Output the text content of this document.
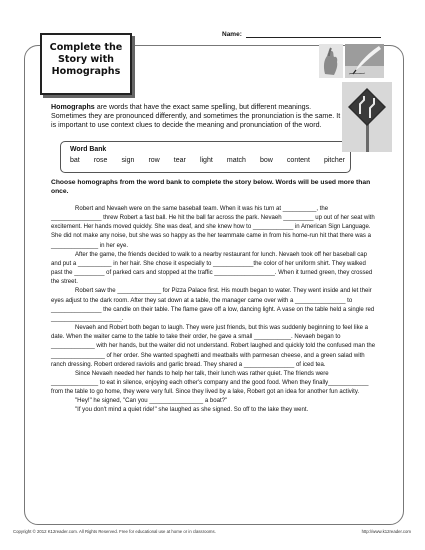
Complete the
Story with
Homographs
Name:
Homographs are words that have the exact same spelling, but different meanings. Sometimes they are pronounced differently, and sometimes the pronunciation is the same. It is important to use context clues to decide the meaning and pronunciation of the word.
Word Bank
bat rose sign row tear light match bow content pitcher
Choose homographs from the word bank to complete the story below. Words will be used more than once.

Robert and Nevaeh were on the same baseball team. When it was his turn at __________, the _______________ threw Robert a fast ball. He hit the ball far across the park. Nevaeh _________ up out of her seat with excitement. Her hands moved quickly. She was deaf, and she knew how to ____________ in American Sign Language. She did not make any noise, but she was so happy as the her teammate came in from his home-run hit that there was a ______________ in her eye.

After the game, the friends decided to walk to a nearby restaurant for lunch. Nevaeh took off her baseball cap and put a __________ in her hair. She chose it especially to ____________the color of her uniform shirt. They walked past the _________ of parked cars and stopped at the traffic __________________. When it turned green, they crossed the street.

Robert saw the _____________ for Pizza Palace first. His mouth began to water. They went inside and let their eyes adjust to the dark room. After they sat down at a table, the manager came over with a _______________ to _______________ the candle on their table. The flame gave off a low, dancing light. A vase on the table held a single red _____________________.

Nevaeh and Robert both began to laugh. They were just friends, but this was suddenly beginning to feel like a date. When the waiter came to the table to take their order, he gave a small ___________. Nevaeh began to _____________ with her hands, but the waiter did not understand. Robert laughed and quickly told the confused man the ________________ of her order. She wanted spaghetti and meatballs with parmesan cheese, and a green salad with ranch dressing. Robert ordered raviolis and garlic bread. They shared a _______________ of iced tea.

Since Nevaeh needed her hands to help her talk, their lunch was rather quiet. The friends were ______________ to eat in silence, enjoying each other's company and the good food. When they finally____________ from the table to go home, they were very full. Since they lived by a lake, Robert got an idea for another fun activity.

"Hey!" he signed, "Can you ________________ a boat?"

"If you don't mind a quiet ride!" she laughed as she signed. So off to the lake they went.

Copyright © 2012 K12reader.com. All Rights Reserved. Free for educational use at home or in classrooms.	http://www.k12reader.com
